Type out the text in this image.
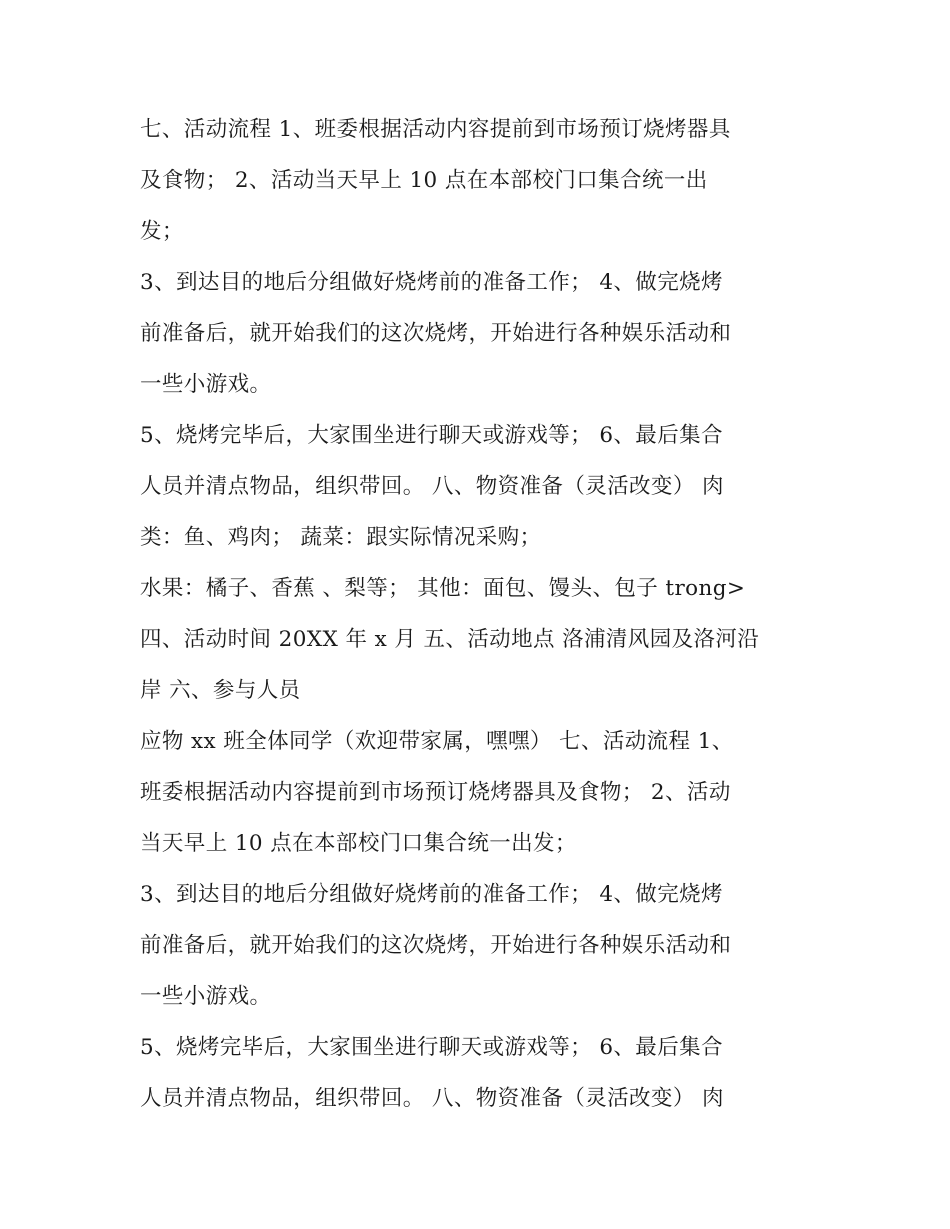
七、活动流程 1、班委根据活动内容提前到市场预订烧烤器具
及食物； 2、活动当天早上 10 点在本部校门口集合统一出
发；
3、到达目的地后分组做好烧烤前的准备工作； 4、做完烧烤
前准备后，就开始我们的这次烧烤，开始进行各种娱乐活动和
一些小游戏。
5、烧烤完毕后，大家围坐进行聊天或游戏等； 6、最后集合
人员并清点物品，组织带回。 八、物资准备（灵活改变） 肉
类：鱼、鸡肉； 蔬菜：跟实际情况采购；
水果：橘子、香蕉 、梨等； 其他：面包、馒头、包子 trong>
四、活动时间 20XX 年 x 月 五、活动地点 洛浦清风园及洛河沿
岸 六、参与人员
应物 xx 班全体同学（欢迎带家属，嘿嘿） 七、活动流程 1、
班委根据活动内容提前到市场预订烧烤器具及食物； 2、活动
当天早上 10 点在本部校门口集合统一出发；
3、到达目的地后分组做好烧烤前的准备工作； 4、做完烧烤
前准备后，就开始我们的这次烧烤，开始进行各种娱乐活动和
一些小游戏。
5、烧烤完毕后，大家围坐进行聊天或游戏等； 6、最后集合
人员并清点物品，组织带回。 八、物资准备（灵活改变） 肉
